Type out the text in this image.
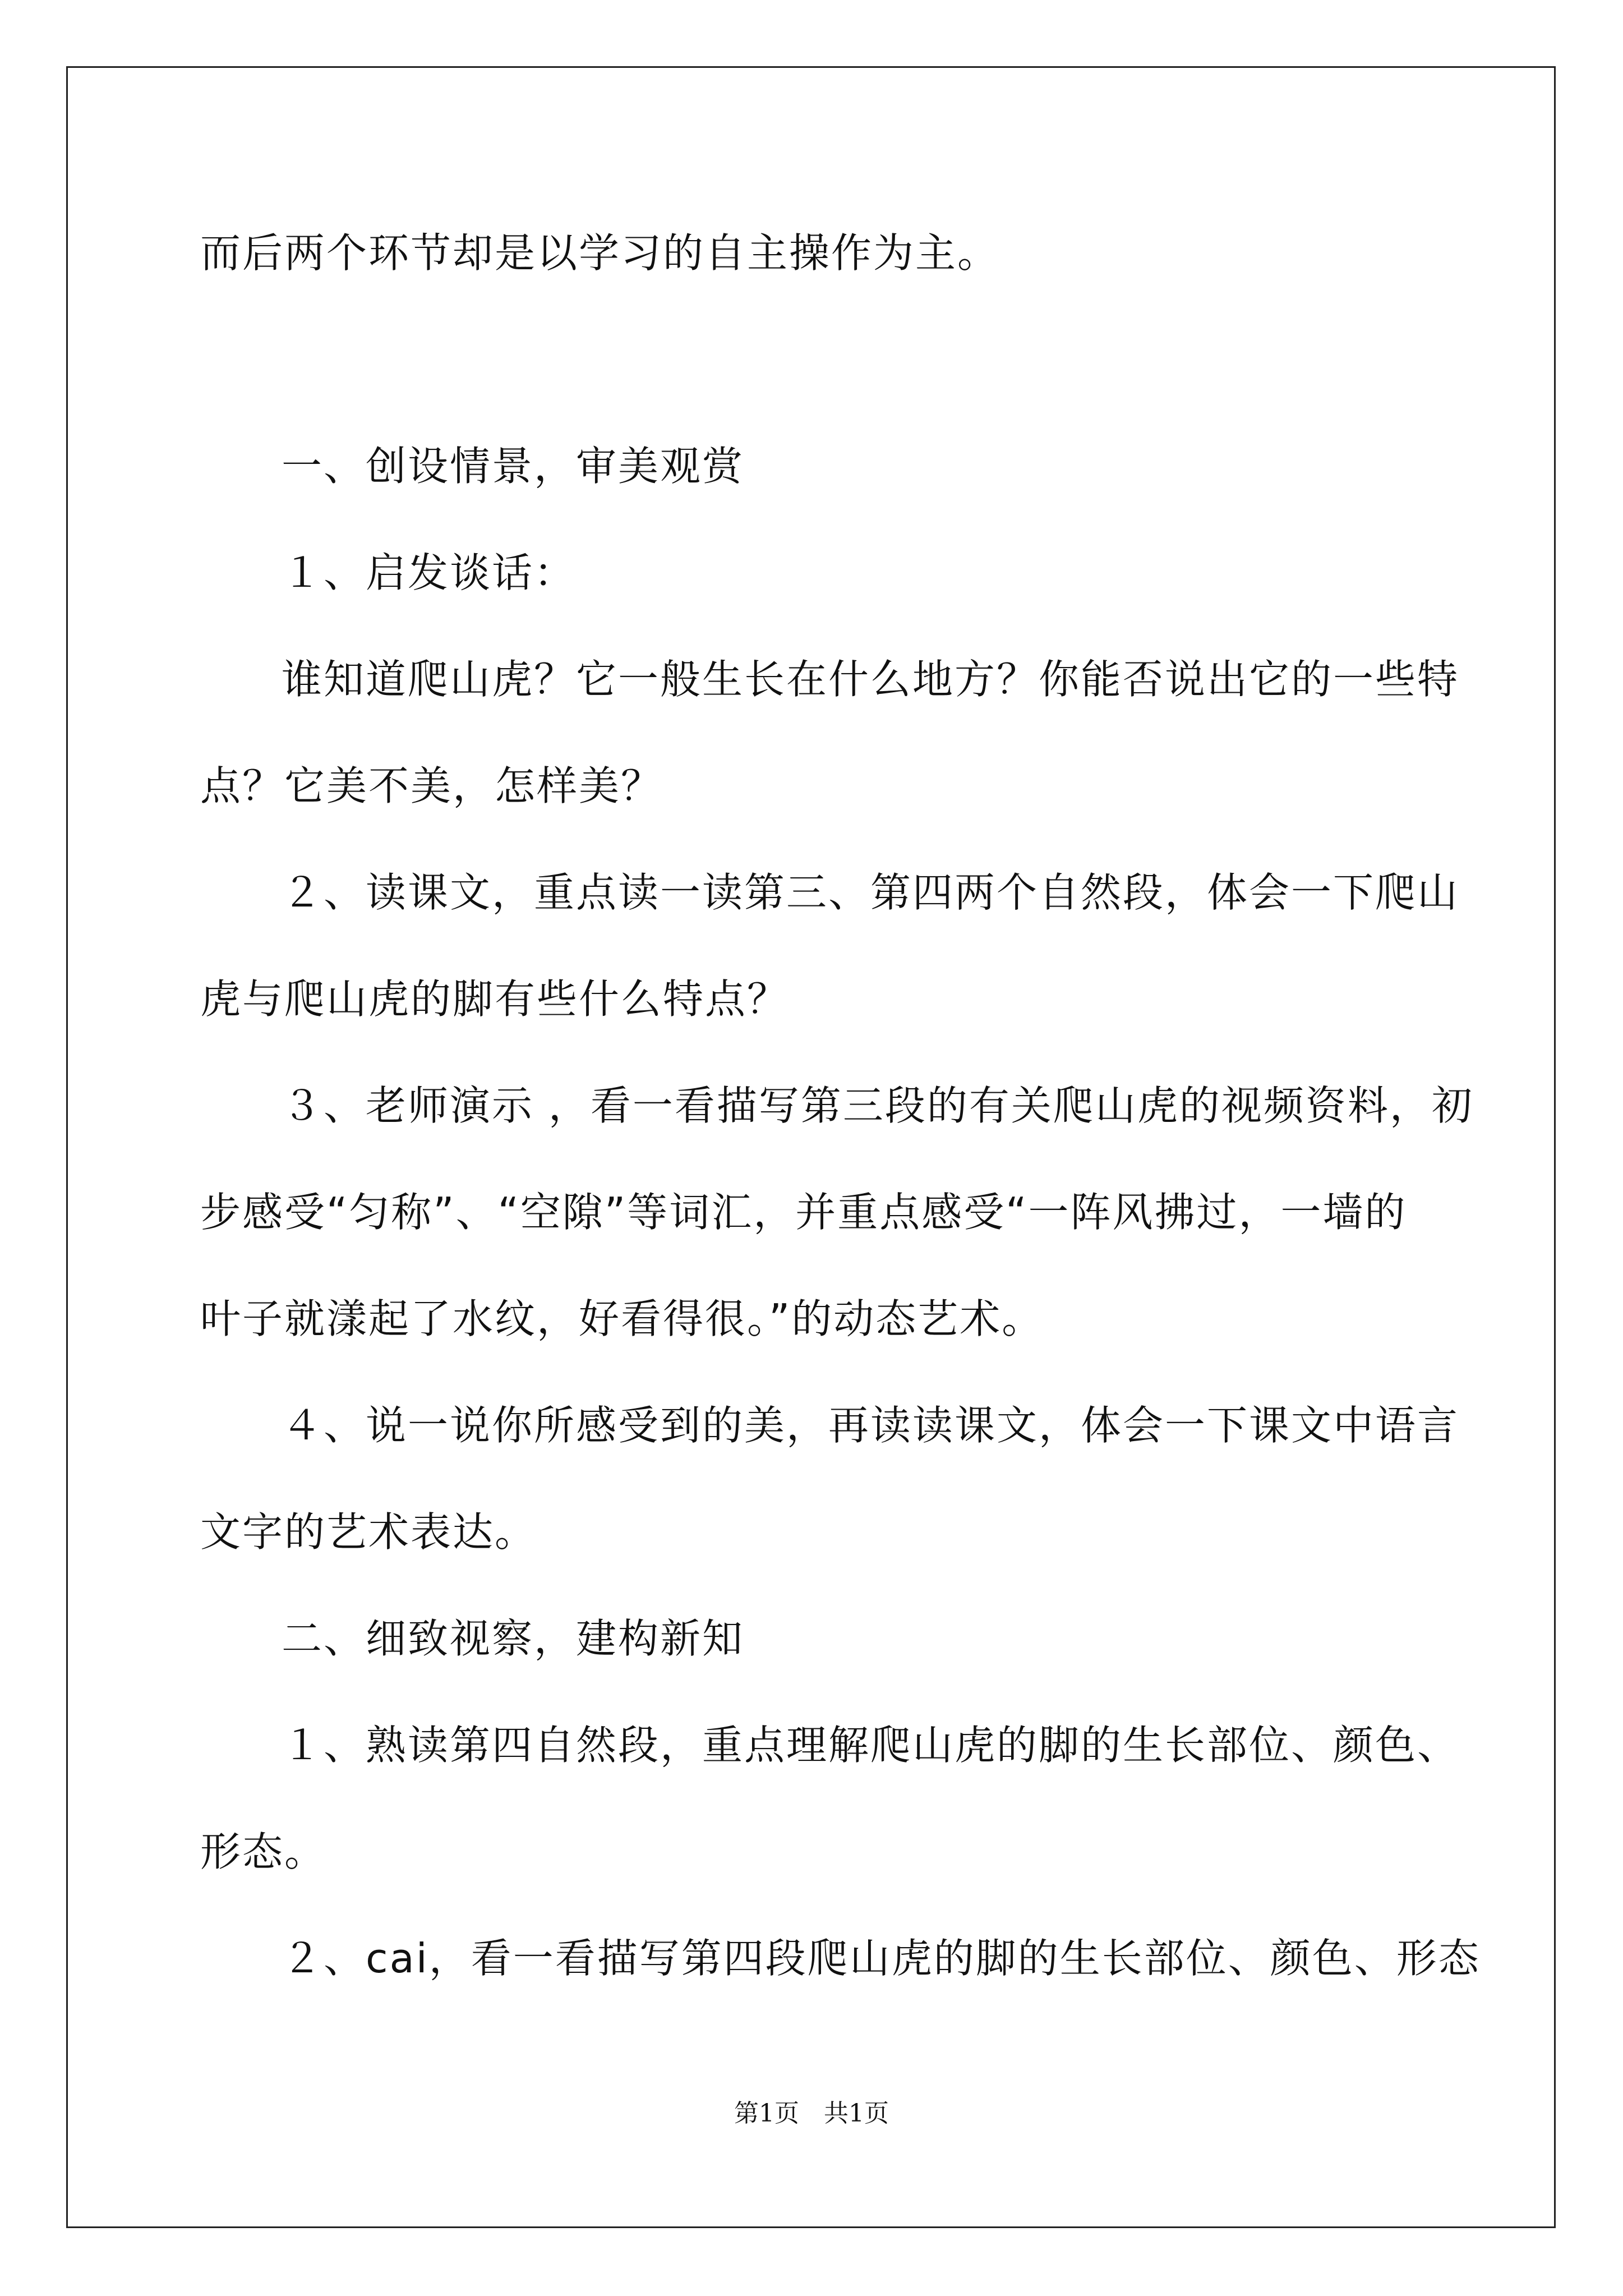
而后两个环节却是以学习的自主操作为主。
一、创设情景，审美观赏
１、启发谈话：
谁知道爬山虎？它一般生长在什么地方？你能否说出它的一些特
点？它美不美，怎样美？
２、读课文，重点读一读第三、第四两个自然段，体会一下爬山
虎与爬山虎的脚有些什么特点？
３、老师演示 ，看一看描写第三段的有关爬山虎的视频资料，初
步感受“匀称”、“空隙”等词汇，并重点感受“一阵风拂过，一墙的
叶子就漾起了水纹，好看得很。”的动态艺术。
４、说一说你所感受到的美，再读读课文，体会一下课文中语言
文字的艺术表达。
二、细致视察，建构新知
１、熟读第四自然段，重点理解爬山虎的脚的生长部位、颜色、
形态。
２、cai，看一看描写第四段爬山虎的脚的生长部位、颜色、形态
第1页　共1页
